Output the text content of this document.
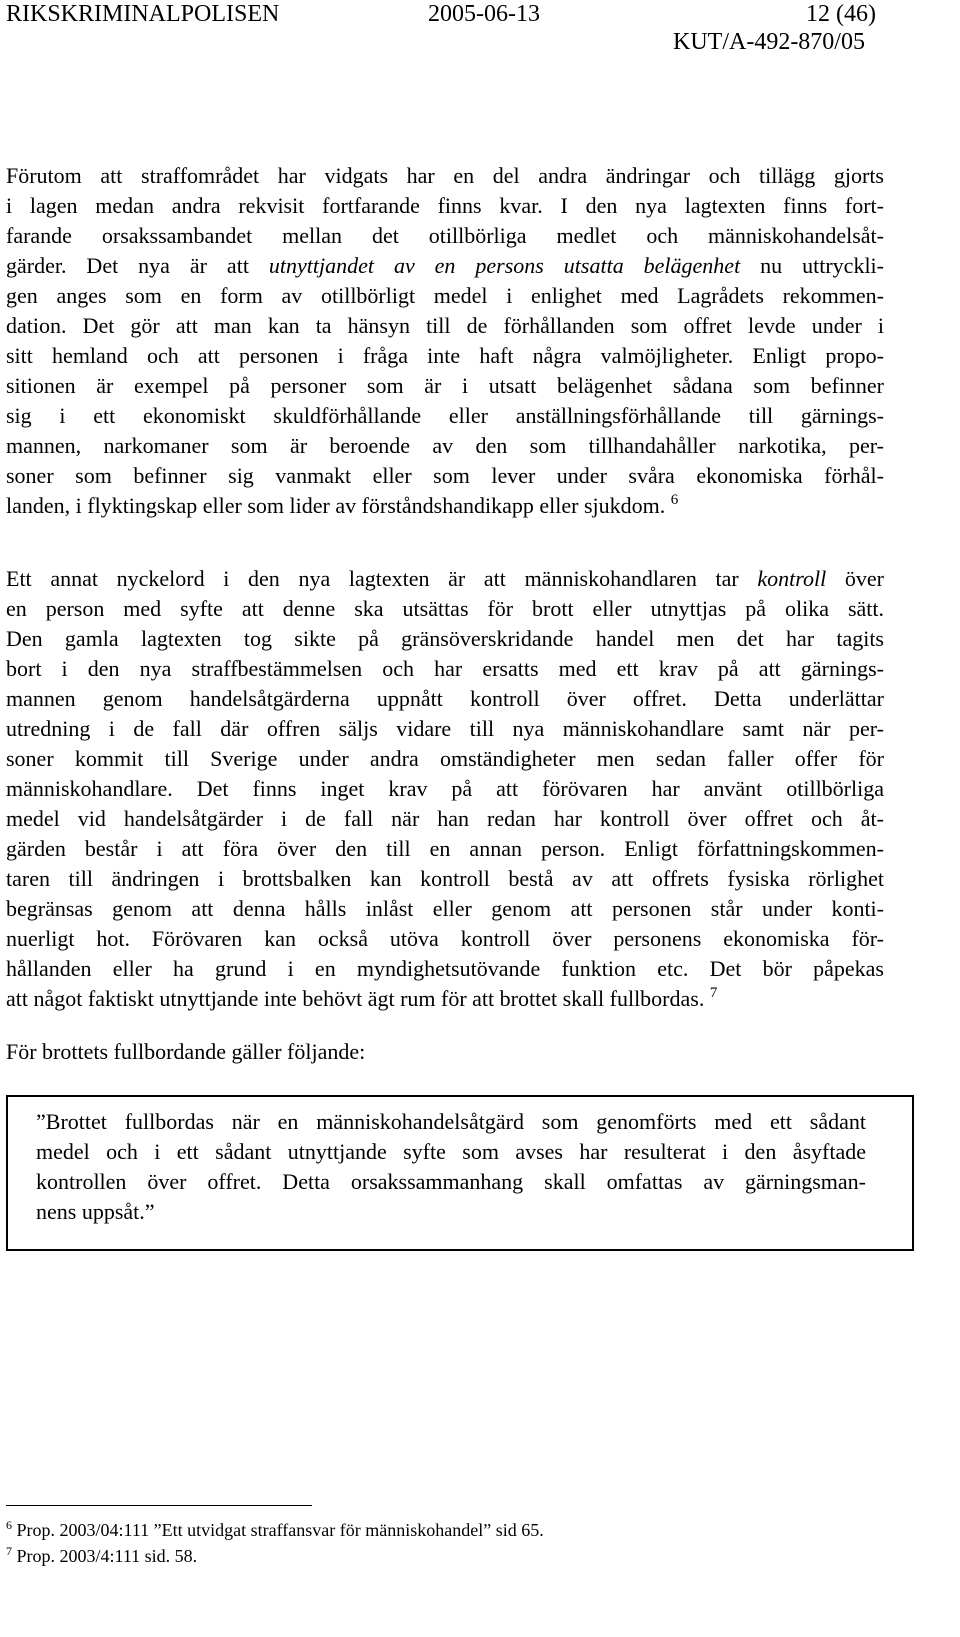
RIKSKRIMINALPOLISEN	2005-06-13	12 (46)
KUT/A-492-870/05
Förutom att straffområdet har vidgats har en del andra ändringar och tillägg gjorts
i lagen medan andra rekvisit fortfarande finns kvar. I den nya lagtexten finns fort-
farande orsakssambandet mellan det otillbörliga medlet och människohandelsåt-
gärder. Det nya är att utnyttjandet av en persons utsatta belägenhet nu uttryckli-
gen anges som en form av otillbörligt medel i enlighet med Lagrådets rekommen-
dation. Det gör att man kan ta hänsyn till de förhållanden som offret levde under i
sitt hemland och att personen i fråga inte haft några valmöjligheter. Enligt propo-
sitionen är exempel på personer som är i utsatt belägenhet sådana som befinner
sig i ett ekonomiskt skuldförhållande eller anställningsförhållande till gärnings-
mannen, narkomaner som är beroende av den som tillhandahåller narkotika, per-
soner som befinner sig vanmakt eller som lever under svåra ekonomiska förhål-
landen, i flyktingskap eller som lider av förståndshandikapp eller sjukdom. $^6$
Ett annat nyckelord i den nya lagtexten är att människohandlaren tar kontroll över
en person med syfte att denne ska utsättas för brott eller utnyttjas på olika sätt.
Den gamla lagtexten tog sikte på gränsöverskridande handel men det har tagits
bort i den nya straffbestämmelsen och har ersatts med ett krav på att gärnings-
mannen genom handelsåtgärderna uppnått kontroll över offret. Detta underlättar
utredning i de fall där offren säljs vidare till nya människohandlare samt när per-
soner kommit till Sverige under andra omständigheter men sedan faller offer för
människohandlare. Det finns inget krav på att förövaren har använt otillbörliga
medel vid handelsåtgärder i de fall när han redan har kontroll över offret och åt-
gärden består i att föra över den till en annan person. Enligt författningskommen-
taren till ändringen i brottsbalken kan kontroll bestå av att offrets fysiska rörlighet
begränsas genom att denna hålls inlåst eller genom att personen står under konti-
nuerligt hot. Förövaren kan också utöva kontroll över personens ekonomiska för-
hållanden eller ha grund i en myndighetsutövande funktion etc. Det bör påpekas
att något faktiskt utnyttjande inte behövt ägt rum för att brottet skall fullbordas. $^7$
För brottets fullbordande gäller följande:
”Brottet fullbordas när en människohandelsåtgärd som genomförts med ett sådant
medel och i ett sådant utnyttjande syfte som avses har resulterat i den åsyftade
kontrollen över offret. Detta orsakssammanhang skall omfattas av gärningsman-
nens uppsåt.”
$^6$ Prop. 2003/04:111 ”Ett utvidgat straffansvar för människohandel” sid 65.
$^7$ Prop. 2003/4:111 sid. 58.
